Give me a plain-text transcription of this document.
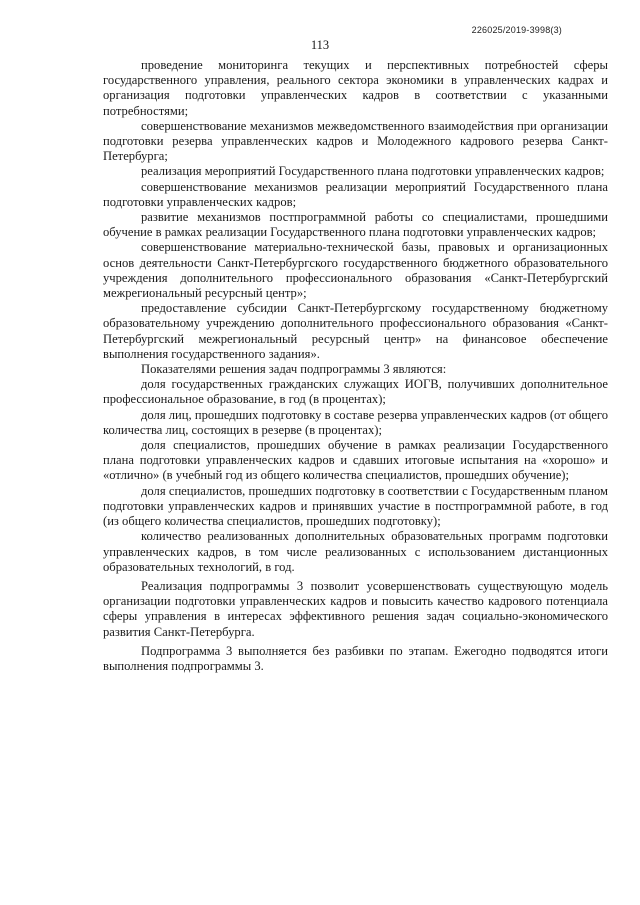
226025/2019-3998(3)
113

проведение мониторинга текущих и перспективных потребностей сферы государственного управления, реального сектора экономики в управленческих кадрах и организация подготовки управленческих кадров в соответствии с указанными потребностями;

совершенствование механизмов межведомственного взаимодействия при организации подготовки резерва управленческих кадров и Молодежного кадрового резерва Санкт-Петербурга;

реализация мероприятий Государственного плана подготовки управленческих кадров;

совершенствование механизмов реализации мероприятий Государственного плана подготовки управленческих кадров;

развитие механизмов постпрограммной работы со специалистами, прошедшими обучение в рамках реализации Государственного плана подготовки управленческих кадров;

совершенствование материально-технической базы, правовых и организационных основ деятельности Санкт-Петербургского государственного бюджетного образовательного учреждения дополнительного профессионального образования «Санкт-Петербургский межрегиональный ресурсный центр»;

предоставление субсидии Санкт-Петербургскому государственному бюджетному образовательному учреждению дополнительного профессионального образования «Санкт-Петербургский межрегиональный ресурсный центр» на финансовое обеспечение выполнения государственного задания».

Показателями решения задач подпрограммы 3 являются:

доля государственных гражданских служащих ИОГВ, получивших дополнительное профессиональное образование, в год (в процентах);

доля лиц, прошедших подготовку в составе резерва управленческих кадров (от общего количества лиц, состоящих в резерве (в процентах);

доля специалистов, прошедших обучение в рамках реализации Государственного плана подготовки управленческих кадров и сдавших итоговые испытания на «хорошо» и «отлично» (в учебный год из общего количества специалистов, прошедших обучение);

доля специалистов, прошедших подготовку в соответствии с Государственным планом подготовки управленческих кадров и принявших участие в постпрограммной работе, в год (из общего количества специалистов, прошедших подготовку);

количество реализованных дополнительных образовательных программ подготовки управленческих кадров, в том числе реализованных с использованием дистанционных образовательных технологий, в год.

Реализация подпрограммы 3 позволит усовершенствовать существующую модель организации подготовки управленческих кадров и повысить качество кадрового потенциала сферы управления в интересах эффективного решения задач социально-экономического развития Санкт-Петербурга.

Подпрограмма 3 выполняется без разбивки по этапам. Ежегодно подводятся итоги выполнения подпрограммы 3.
